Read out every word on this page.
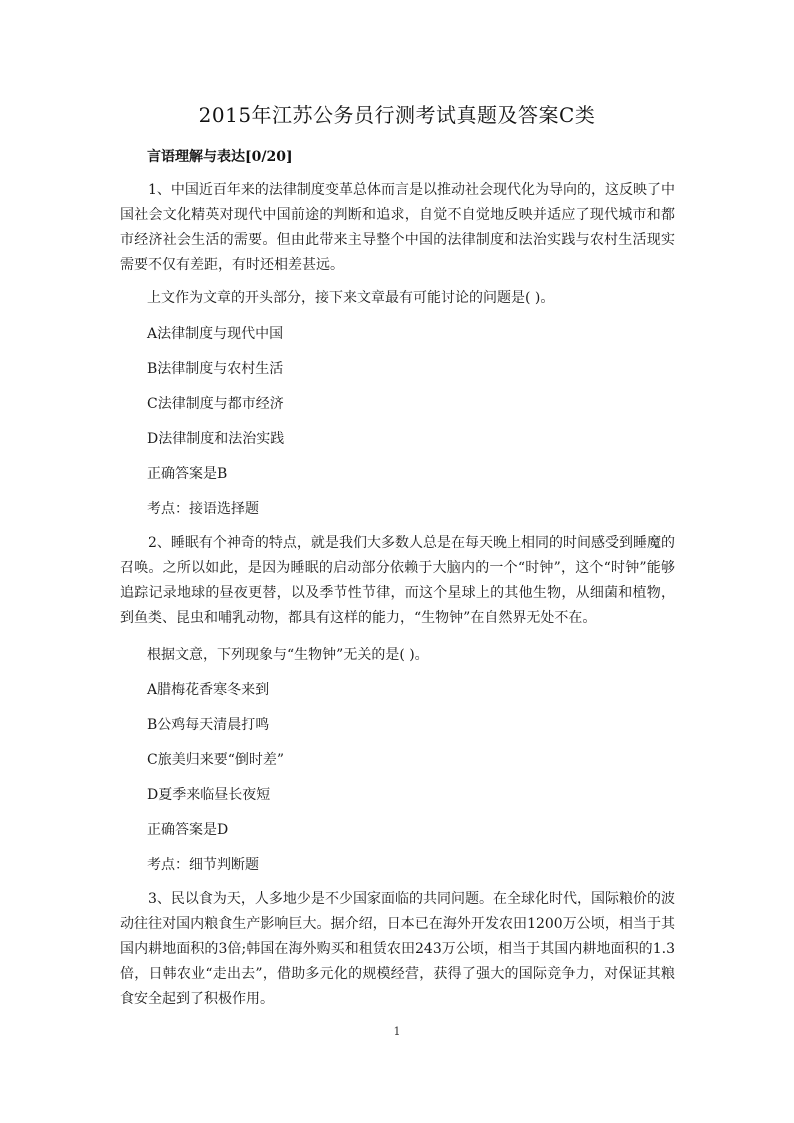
2015年江苏公务员行测考试真题及答案C类
言语理解与表达[0/20]

1、中国近百年来的法律制度变革总体而言是以推动社会现代化为导向的，这反映了中国社会文化精英对现代中国前途的判断和追求，自觉不自觉地反映并适应了现代城市和都市经济社会生活的需要。但由此带来主导整个中国的法律制度和法治实践与农村生活现实需要不仅有差距，有时还相差甚远。

上文作为文章的开头部分，接下来文章最有可能讨论的问题是( )。
A法律制度与现代中国
B法律制度与农村生活
C法律制度与都市经济
D法律制度和法治实践
正确答案是B
考点：接语选择题

2、睡眠有个神奇的特点，就是我们大多数人总是在每天晚上相同的时间感受到睡魔的召唤。之所以如此，是因为睡眠的启动部分依赖于大脑内的一个“时钟”，这个“时钟”能够追踪记录地球的昼夜更替，以及季节性节律，而这个星球上的其他生物，从细菌和植物，到鱼类、昆虫和哺乳动物，都具有这样的能力，“生物钟”在自然界无处不在。

根据文意，下列现象与“生物钟”无关的是( )。
A腊梅花香寒冬来到
B公鸡每天清晨打鸣
C旅美归来要“倒时差”
D夏季来临昼长夜短
正确答案是D
考点：细节判断题

3、民以食为天，人多地少是不少国家面临的共同问题。在全球化时代，国际粮价的波动往往对国内粮食生产影响巨大。据介绍，日本已在海外开发农田1200万公顷，相当于其国内耕地面积的3倍;韩国在海外购买和租赁农田243万公顷，相当于其国内耕地面积的1.3倍，日韩农业“走出去”，借助多元化的规模经营，获得了强大的国际竞争力，对保证其粮食安全起到了积极作用。

1
